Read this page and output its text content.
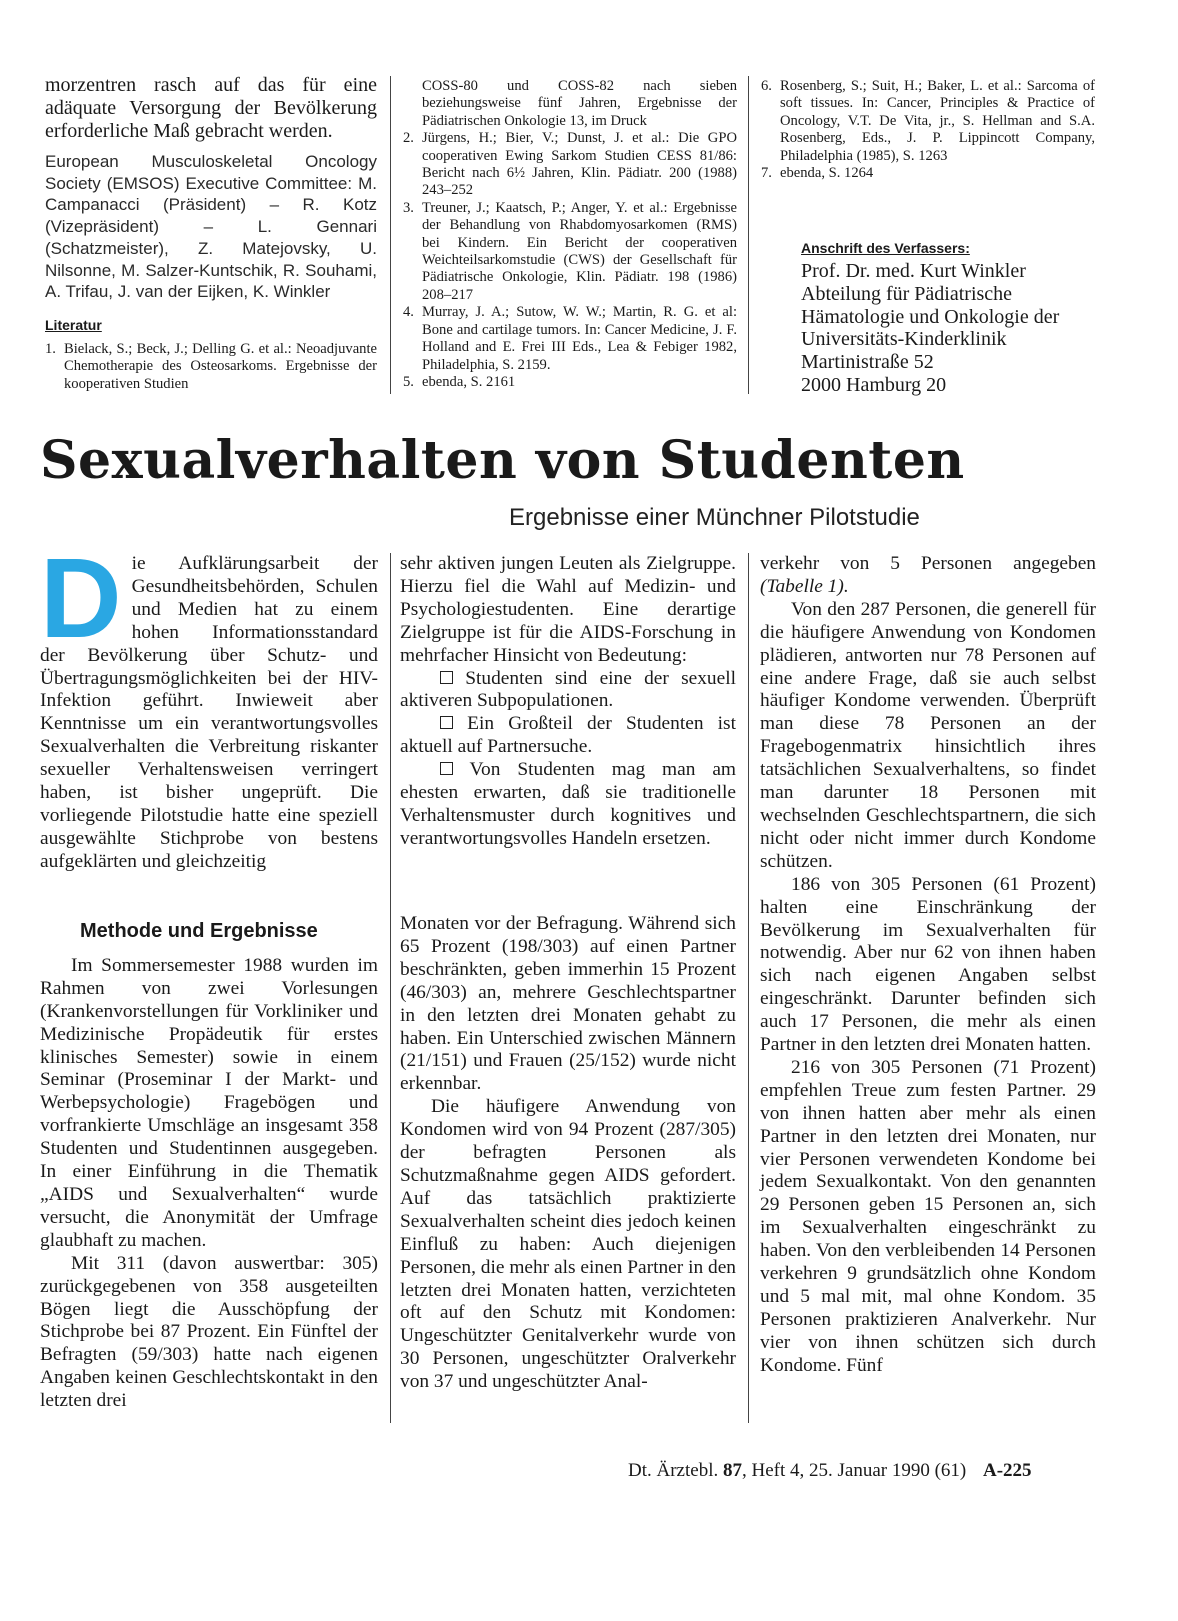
morzentren rasch auf das für eine adäquate Versorgung der Bevölkerung erforderliche Maß gebracht werden.

European Musculoskeletal Oncology Society (EMSOS) Executive Committee: M. Campanacci (Präsident) – R. Kotz (Vizepräsident) – L. Gennari (Schatzmeister), Z. Matejovsky, U. Nilsonne, M. Salzer-Kuntschik, R. Souhami, A. Trifau, J. van der Eijken, K. Winkler

Literatur
1. Bielack, S.; Beck, J.; Delling G. et al.: Neoadjuvante Chemotherapie des Osteosarkoms. Ergebnisse der kooperativen Studien
COSS-80 und COSS-82 nach sieben beziehungsweise fünf Jahren, Ergebnisse der Pädiatrischen Onkologie 13, im Druck
2. Jürgens, H.; Bier, V.; Dunst, J. et al.: Die GPO cooperativen Ewing Sarkom Studien CESS 81/86: Bericht nach 6½ Jahren, Klin. Pädiatr. 200 (1988) 243–252
3. Treuner, J.; Kaatsch, P.; Anger, Y. et al.: Ergebnisse der Behandlung von Rhabdomyosarkomen (RMS) bei Kindern. Ein Bericht der cooperativen Weichteilsarkomstudie (CWS) der Gesellschaft für Pädiatrische Onkologie, Klin. Pädiatr. 198 (1986) 208–217
4. Murray, J. A.; Sutow, W. W.; Martin, R. G. et al: Bone and cartilage tumors. In: Cancer Medicine, J. F. Holland and E. Frei III Eds., Lea & Febiger 1982, Philadelphia, S. 2159.
5. ebenda, S. 2161
6. Rosenberg, S.; Suit, H.; Baker, L. et al.: Sarcoma of soft tissues. In: Cancer, Principles & Practice of Oncology, V.T. De Vita, jr., S. Hellman and S.A. Rosenberg, Eds., J. P. Lippincott Company, Philadelphia (1985), S. 1263
7. ebenda, S. 1264
Anschrift des Verfassers:
Prof. Dr. med. Kurt Winkler
Abteilung für Pädiatrische
Hämatologie und Onkologie der
Universitäts-Kinderklinik
Martinistraße 52
2000 Hamburg 20
Sexualverhalten von Studenten
Ergebnisse einer Münchner Pilotstudie
D ie Aufklärungsarbeit der Gesundheitsbehörden, Schulen und Medien hat zu einem hohen Informationsstandard der Bevölkerung über Schutz- und Übertragungsmöglichkeiten bei der HIV-Infektion geführt. Inwieweit aber Kenntnisse um ein verantwortungsvolles Sexualverhalten die Verbreitung riskanter sexueller Verhaltensweisen verringert haben, ist bisher ungeprüft. Die vorliegende Pilotstudie hatte eine speziell ausgewählte Stichprobe von bestens aufgeklärten und gleichzeitig

sehr aktiven jungen Leuten als Zielgruppe. Hierzu fiel die Wahl auf Medizin- und Psychologiestudenten. Eine derartige Zielgruppe ist für die AIDS-Forschung in mehrfacher Hinsicht von Bedeutung:

Studenten sind eine der sexuell aktiveren Subpopulationen.

Ein Großteil der Studenten ist aktuell auf Partnersuche.

Von Studenten mag man am ehesten erwarten, daß sie traditionelle Verhaltensmuster durch kognitives und verantwortungsvolles Handeln ersetzen.

Methode und Ergebnisse

Im Sommersemester 1988 wurden im Rahmen von zwei Vorlesungen (Krankenvorstellungen für Vorkliniker und Medizinische Propädeutik für erstes klinisches Semester) sowie in einem Seminar (Proseminar I der Markt- und Werbepsychologie) Fragebögen und vorfrankierte Umschläge an insgesamt 358 Studenten und Studentinnen ausgegeben. In einer Einführung in die Thematik „AIDS und Sexualverhalten“ wurde versucht, die Anonymität der Umfrage glaubhaft zu machen.

Mit 311 (davon auswertbar: 305) zurückgegebenen von 358 ausgeteilten Bögen liegt die Ausschöpfung der Stichprobe bei 87 Prozent. Ein Fünftel der Befragten (59/303) hatte nach eigenen Angaben keinen Geschlechtskontakt in den letzten drei

Monaten vor der Befragung. Während sich 65 Prozent (198/303) auf einen Partner beschränkten, geben immerhin 15 Prozent (46/303) an, mehrere Geschlechtspartner in den letzten drei Monaten gehabt zu haben. Ein Unterschied zwischen Männern (21/151) und Frauen (25/152) wurde nicht erkennbar.

Die häufigere Anwendung von Kondomen wird von 94 Prozent (287/305) der befragten Personen als Schutzmaßnahme gegen AIDS gefordert. Auf das tatsächlich praktizierte Sexualverhalten scheint dies jedoch keinen Einfluß zu haben: Auch diejenigen Personen, die mehr als einen Partner in den letzten drei Monaten hatten, verzichteten oft auf den Schutz mit Kondomen: Ungeschützter Genitalverkehr wurde von 30 Personen, ungeschützter Oralverkehr von 37 und ungeschützter Anal-

verkehr von 5 Personen angegeben (Tabelle 1).

Von den 287 Personen, die generell für die häufigere Anwendung von Kondomen plädieren, antworten nur 78 Personen auf eine andere Frage, daß sie auch selbst häufiger Kondome verwenden. Überprüft man diese 78 Personen an der Fragebogenmatrix hinsichtlich ihres tatsächlichen Sexualverhaltens, so findet man darunter 18 Personen mit wechselnden Geschlechtspartnern, die sich nicht oder nicht immer durch Kondome schützen.

186 von 305 Personen (61 Prozent) halten eine Einschränkung der Bevölkerung im Sexualverhalten für notwendig. Aber nur 62 von ihnen haben sich nach eigenen Angaben selbst eingeschränkt. Darunter befinden sich auch 17 Personen, die mehr als einen Partner in den letzten drei Monaten hatten.

216 von 305 Personen (71 Prozent) empfehlen Treue zum festen Partner. 29 von ihnen hatten aber mehr als einen Partner in den letzten drei Monaten, nur vier Personen verwendeten Kondome bei jedem Sexualkontakt. Von den genannten 29 Personen geben 15 Personen an, sich im Sexualverhalten eingeschränkt zu haben. Von den verbleibenden 14 Personen verkehren 9 grundsätzlich ohne Kondom und 5 mal mit, mal ohne Kondom. 35 Personen praktizieren Analverkehr. Nur vier von ihnen schützen sich durch Kondome. Fünf

Dt. Ärztebl. 87, Heft 4, 25. Januar 1990 (61) A-225
